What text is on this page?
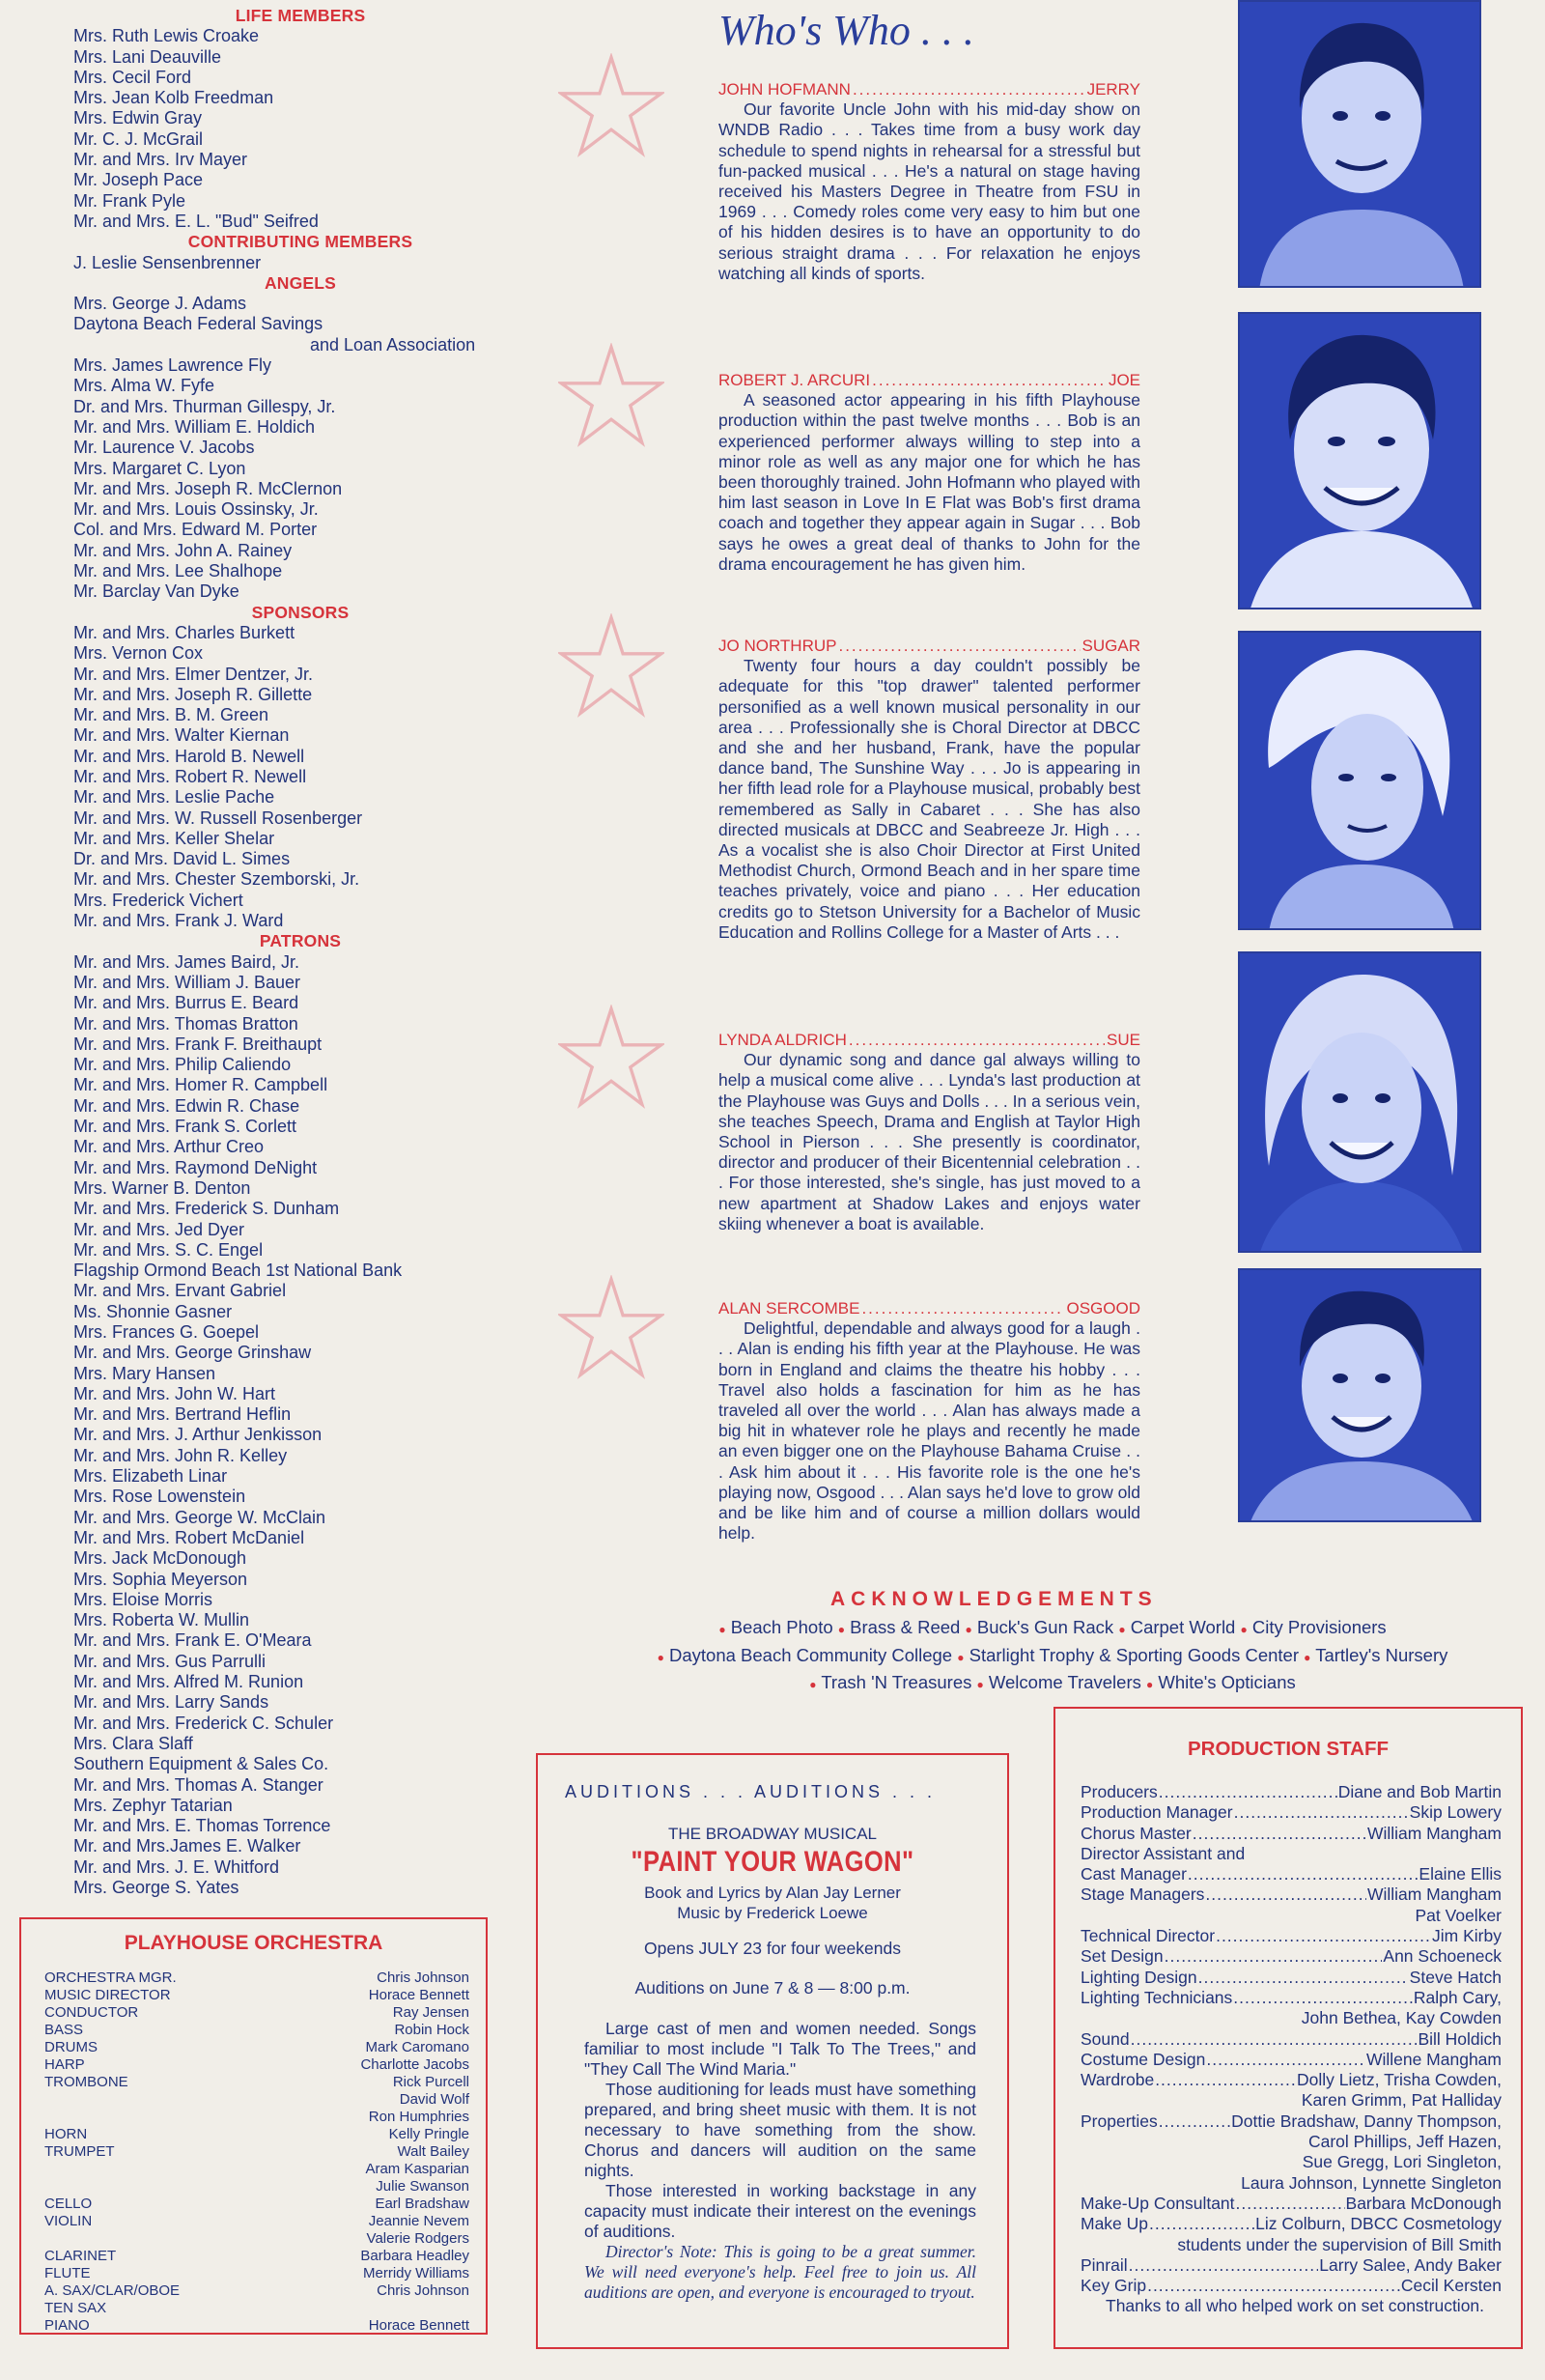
LIFE MEMBERS
Mrs. Ruth Lewis Croake
Mrs. Lani Deauville
Mrs. Cecil Ford
Mrs. Jean Kolb Freedman
Mrs. Edwin Gray
Mr. C. J. McGrail
Mr. and Mrs. Irv Mayer
Mr. Joseph Pace
Mr. Frank Pyle
Mr. and Mrs. E. L. "Bud" Seifred
CONTRIBUTING MEMBERS
J. Leslie Sensenbrenner
ANGELS
Mrs. George J. Adams
Daytona Beach Federal Savings
and Loan Association
Mrs. James Lawrence Fly
Mrs. Alma W. Fyfe
Dr. and Mrs. Thurman Gillespy, Jr.
Mr. and Mrs. William E. Holdich
Mr. Laurence V. Jacobs
Mrs. Margaret C. Lyon
Mr. and Mrs. Joseph R. McClernon
Mr. and Mrs. Louis Ossinsky, Jr.
Col. and Mrs. Edward M. Porter
Mr. and Mrs. John A. Rainey
Mr. and Mrs. Lee Shalhope
Mr. Barclay Van Dyke
SPONSORS
Mr. and Mrs. Charles Burkett
Mrs. Vernon Cox
Mr. and Mrs. Elmer Dentzer, Jr.
Mr. and Mrs. Joseph R. Gillette
Mr. and Mrs. B. M. Green
Mr. and Mrs. Walter Kiernan
Mr. and Mrs. Harold B. Newell
Mr. and Mrs. Robert R. Newell
Mr. and Mrs. Leslie Pache
Mr. and Mrs. W. Russell Rosenberger
Mr. and Mrs. Keller Shelar
Dr. and Mrs. David L. Simes
Mr. and Mrs. Chester Szemborski, Jr.
Mrs. Frederick Vichert
Mr. and Mrs. Frank J. Ward
PATRONS
Mr. and Mrs. James Baird, Jr.
Mr. and Mrs. William J. Bauer
Mr. and Mrs. Burrus E. Beard
Mr. and Mrs. Thomas Bratton
Mr. and Mrs. Frank F. Breithaupt
Mr. and Mrs. Philip Caliendo
Mr. and Mrs. Homer R. Campbell
Mr. and Mrs. Edwin R. Chase
Mr. and Mrs. Frank S. Corlett
Mr. and Mrs. Arthur Creo
Mr. and Mrs. Raymond DeNight
Mrs. Warner B. Denton
Mr. and Mrs. Frederick S. Dunham
Mr. and Mrs. Jed Dyer
Mr. and Mrs. S. C. Engel
Flagship Ormond Beach 1st National Bank
Mr. and Mrs. Ervant Gabriel
Ms. Shonnie Gasner
Mrs. Frances G. Goepel
Mr. and Mrs. George Grinshaw
Mrs. Mary Hansen
Mr. and Mrs. John W. Hart
Mr. and Mrs. Bertrand Heflin
Mr. and Mrs. J. Arthur Jenkisson
Mr. and Mrs. John R. Kelley
Mrs. Elizabeth Linar
Mrs. Rose Lowenstein
Mr. and Mrs. George W. McClain
Mr. and Mrs. Robert McDaniel
Mrs. Jack McDonough
Mrs. Sophia Meyerson
Mrs. Eloise Morris
Mrs. Roberta W. Mullin
Mr. and Mrs. Frank E. O'Meara
Mr. and Mrs. Gus Parrulli
Mr. and Mrs. Alfred M. Runion
Mr. and Mrs. Larry Sands
Mr. and Mrs. Frederick C. Schuler
Mrs. Clara Slaff
Southern Equipment & Sales Co.
Mr. and Mrs. Thomas A. Stanger
Mrs. Zephyr Tatarian
Mr. and Mrs. E. Thomas Torrence
Mr. and Mrs.James E. Walker
Mr. and Mrs. J. E. Whitford
Mrs. George S. Yates
PLAYHOUSE ORCHESTRA
ORCHESTRA MGR.	Chris Johnson
MUSIC DIRECTOR	Horace Bennett
CONDUCTOR	Ray Jensen
BASS	Robin Hock
DRUMS	Mark Caromano
HARP	Charlotte Jacobs
TROMBONE	Rick Purcell
David Wolf
Ron Humphries
HORN	Kelly Pringle
TRUMPET	Walt Bailey
Aram Kasparian
Julie Swanson
CELLO	Earl Bradshaw
VIOLIN	Jeannie Nevem
Valerie Rodgers
CLARINET	Barbara Headley
FLUTE	Merridy Williams
A. SAX/CLAR/OBOE	Chris Johnson
TEN SAX
PIANO	Horace Bennett
Who's Who . . .
JOHN HOFMANN .....	JERRY
Our favorite Uncle John with his mid-day show on WNDB Radio . . . Takes time from a busy work day schedule to spend nights in rehearsal for a stressful but fun-packed musical . . . He's a natural on stage having received his Masters Degree in Theatre from FSU in 1969 . . . Comedy roles come very easy to him but one of his hidden desires is to have an opportunity to do serious straight drama . . . For relaxation he enjoys watching all kinds of sports.
ROBERT J. ARCURI .....	JOE
A seasoned actor appearing in his fifth Playhouse production within the past twelve months . . . Bob is an experienced performer always willing to step into a minor role as well as any major one for which he has been thoroughly trained. John Hofmann who played with him last season in Love In E Flat was Bob's first drama coach and together they appear again in Sugar . . . Bob says he owes a great deal of thanks to John for the drama encouragement he has given him.
JO NORTHRUP .....	SUGAR
Twenty four hours a day couldn't possibly be adequate for this "top drawer" talented performer personified as a well known musical personality in our area . . . Professionally she is Choral Director at DBCC and she and her husband, Frank, have the popular dance band, The Sunshine Way . . . Jo is appearing in her fifth lead role for a Playhouse musical, probably best remembered as Sally in Cabaret . . . She has also directed musicals at DBCC and Seabreeze Jr. High . . . As a vocalist she is also Choir Director at First United Methodist Church, Ormond Beach and in her spare time teaches privately, voice and piano . . . Her education credits go to Stetson University for a Bachelor of Music Education and Rollins College for a Master of Arts . . .
LYNDA ALDRICH .....	SUE
Our dynamic song and dance gal always willing to help a musical come alive . . . Lynda's last production at the Playhouse was Guys and Dolls . . . In a serious vein, she teaches Speech, Drama and English at Taylor High School in Pierson . . . She presently is coordinator, director and producer of their Bicentennial celebration . . . For those interested, she's single, has just moved to a new apartment at Shadow Lakes and enjoys water skiing whenever a boat is available.
ALAN SERCOMBE .....	OSGOOD
Delightful, dependable and always good for a laugh . . . Alan is ending his fifth year at the Playhouse. He was born in England and claims the theatre his hobby . . . Travel also holds a fascination for him as he has traveled all over the world . . . Alan has always made a big hit in whatever role he plays and recently he made an even bigger one on the Playhouse Bahama Cruise . . . Ask him about it . . . His favorite role is the one he's playing now, Osgood . . . Alan says he'd love to grow old and be like him and of course a million dollars would help.
ACKNOWLEDGEMENTS
● Beach Photo ● Brass & Reed ● Buck's Gun Rack ● Carpet World ● City Provisioners
● Daytona Beach Community College ● Starlight Trophy & Sporting Goods Center ● Tartley's Nursery
● Trash 'N Treasures ● Welcome Travelers ● White's Opticians
AUDITIONS . . . AUDITIONS . . .
THE BROADWAY MUSICAL
"PAINT YOUR WAGON"
Book and Lyrics by Alan Jay Lerner
Music by Frederick Loewe
Opens JULY 23 for four weekends
Auditions on June 7 & 8 — 8:00 p.m.

Large cast of men and women needed. Songs familiar to most include "I Talk To The Trees," and "They Call The Wind Maria."

Those auditioning for leads must have something prepared, and bring sheet music with them. It is not necessary to have something from the show. Chorus and dancers will audition on the same nights.

Those interested in working backstage in any capacity must indicate their interest on the evenings of auditions.

Director's Note: This is going to be a great summer. We will need everyone's help. Feel free to join us. All auditions are open, and everyone is encouraged to tryout.

PRODUCTION STAFF
Producers .....	Diane and Bob Martin
Production Manager .....	Skip Lowery
Chorus Master .....	William Mangham
Director Assistant and
Cast Manager .....	Elaine Ellis
Stage Managers .....	William Mangham
Pat Voelker
Technical Director .....	Jim Kirby
Set Design .....	Ann Schoeneck
Lighting Design .....	Steve Hatch
Lighting Technicians .....	Ralph Cary,
John Bethea, Kay Cowden
Sound .....	Bill Holdich
Costume Design .....	Willene Mangham
Wardrobe .....	Dolly Lietz, Trisha Cowden,
Karen Grimm, Pat Halliday
Properties .....	Dottie Bradshaw, Danny Thompson,
Carol Phillips, Jeff Hazen,
Sue Gregg, Lori Singleton,
Laura Johnson, Lynnette Singleton
Make-Up Consultant .....	Barbara McDonough
Make Up .....	Liz Colburn, DBCC Cosmetology
students under the supervision of Bill Smith
Pinrail .....	Larry Salee, Andy Baker
Key Grip .....	Cecil Kersten
Thanks to all who helped work on set construction.
